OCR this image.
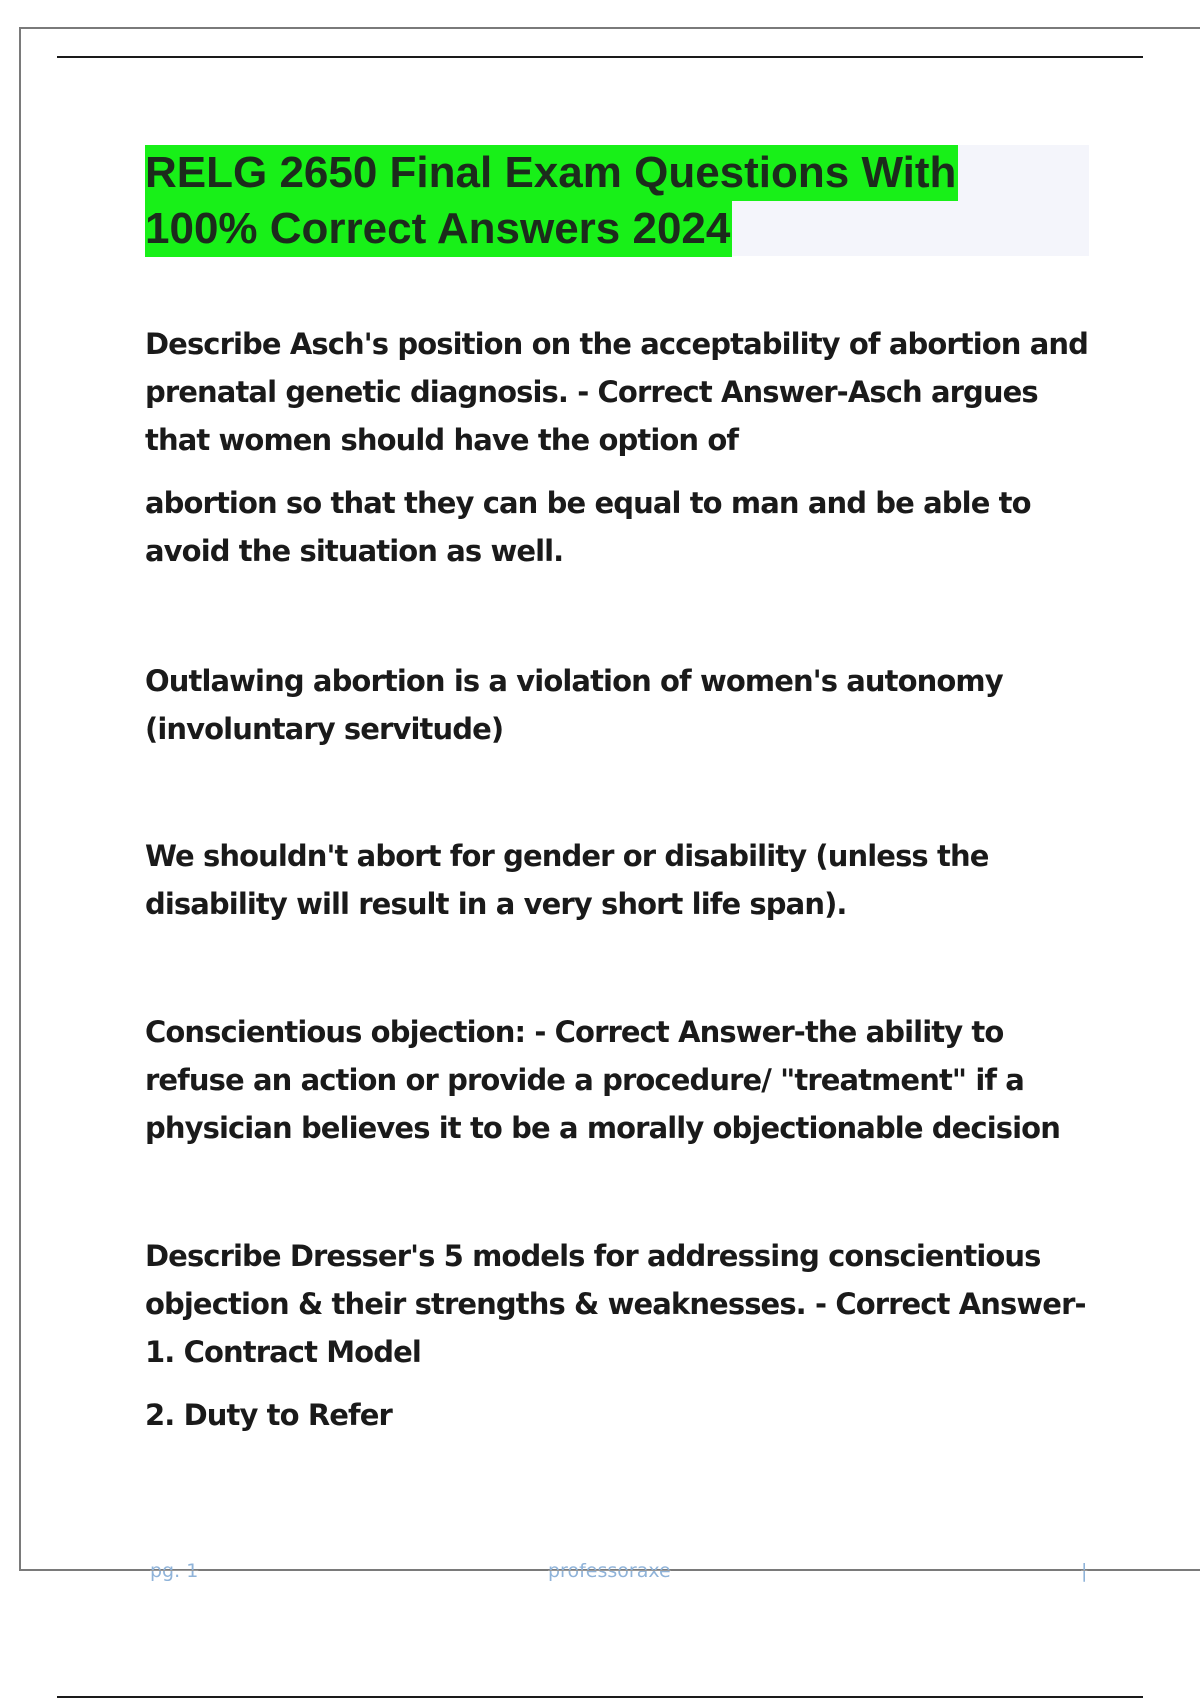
RELG 2650 Final Exam Questions With
100% Correct Answers 2024

Describe Asch's position on the acceptability of abortion and prenatal genetic diagnosis. - Correct Answer-Asch argues that women should have the option of

abortion so that they can be equal to man and be able to avoid the situation as well.

Outlawing abortion is a violation of women's autonomy (involuntary servitude)

We shouldn't abort for gender or disability (unless the disability will result in a very short life span).

Conscientious objection: - Correct Answer-the ability to refuse an action or provide a procedure/ "treatment" if a physician believes it to be a morally objectionable decision

Describe Dresser's 5 models for addressing conscientious objection & their strengths & weaknesses. - Correct Answer-1. Contract Model

2. Duty to Refer

pg. 1	professoraxe	|
